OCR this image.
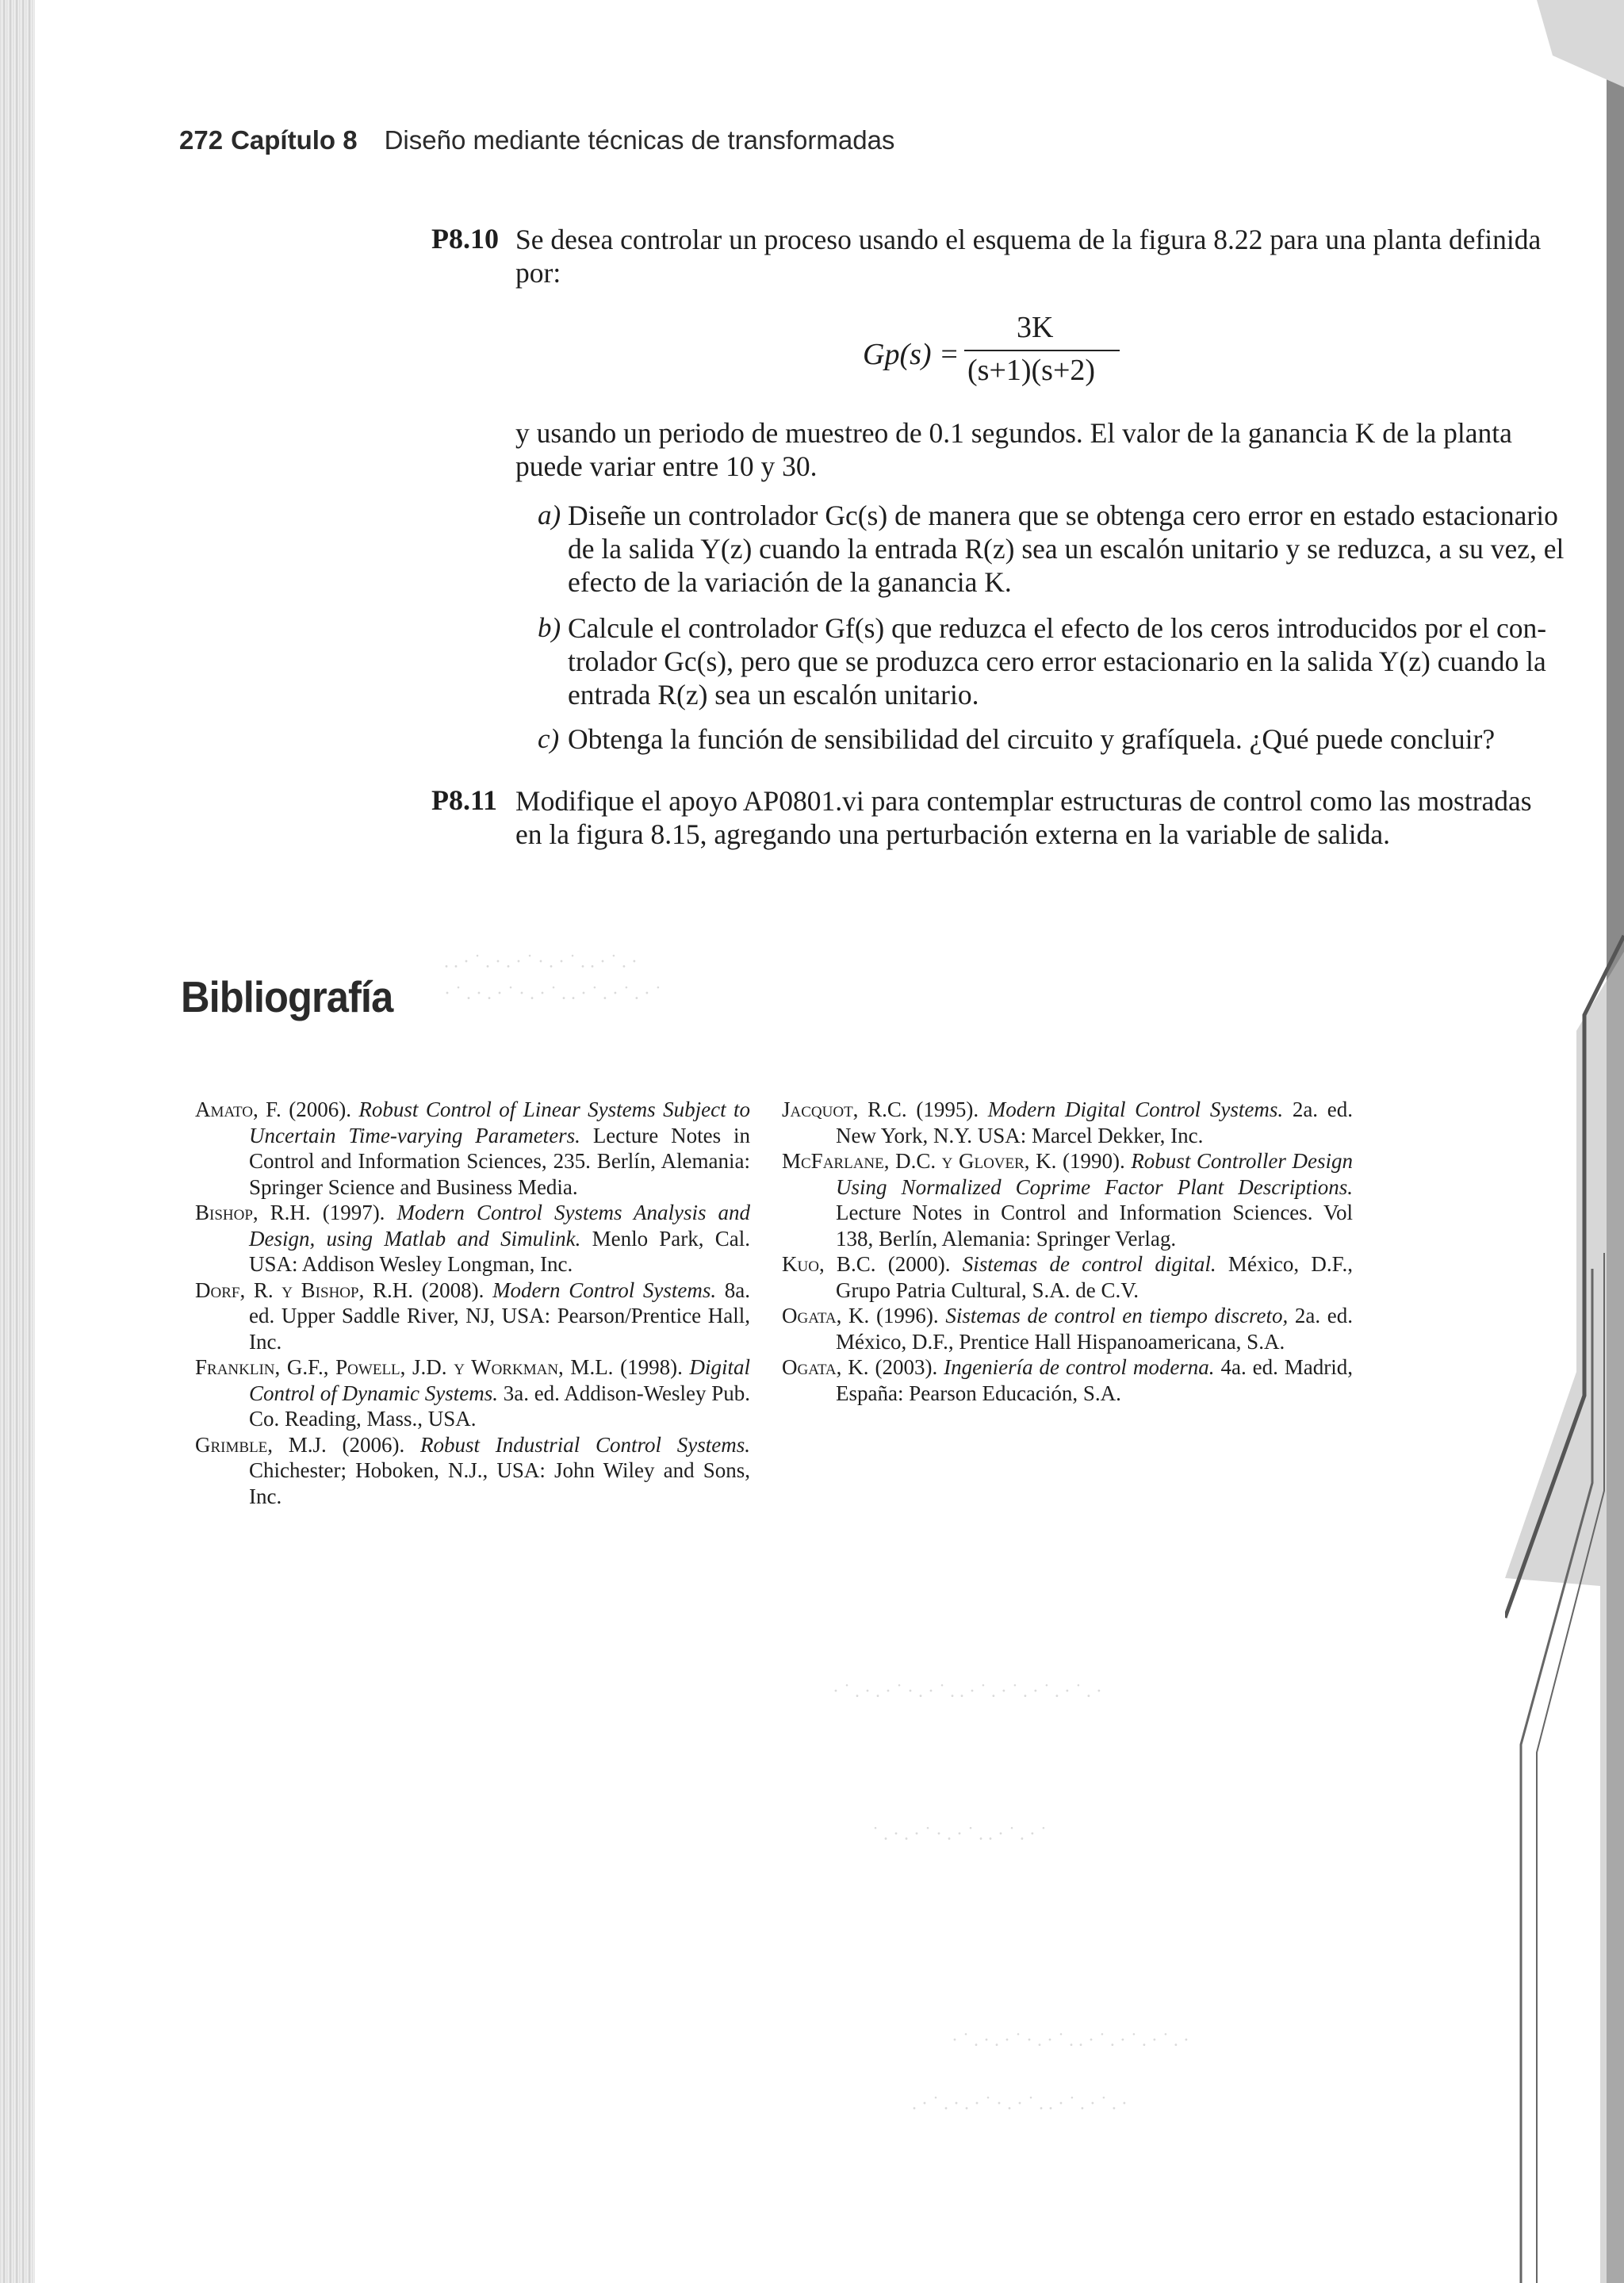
272 Capítulo 8 Diseño mediante técnicas de transformadas
P8.10 Se desea controlar un proceso usando el esquema de la figura 8.22 para una planta definida
por:
Gp(s) =
3K
(s+1)(s+2)
y usando un periodo de muestreo de 0.1 segundos. El valor de la ganancia K de la planta
puede variar entre 10 y 30.
a) Diseñe un controlador Gc(s) de manera que se obtenga cero error en estado estacionario
de la salida Y(z) cuando la entrada R(z) sea un escalón unitario y se reduzca, a su vez, el
efecto de la variación de la ganancia K.
b) Calcule el controlador Gf(s) que reduzca el efecto de los ceros introducidos por el con-
trolador Gc(s), pero que se produzca cero error estacionario en la salida Y(z) cuando la
entrada R(z) sea un escalón unitario.
c) Obtenga la función de sensibilidad del circuito y grafíquela. ¿Qué puede concluir?
P8.11 Modifique el apoyo AP0801.vi para contemplar estructuras de control como las mostradas
en la figura 8.15, agregando una perturbación externa en la variable de salida.
. . · ˙ . · . · ˙ · . · ˙ . . · ˙ . ·
· ˙ . · . · ˙ · . · ˙ . . · ˙ . · ˙ . · ˙
· ˙ . · . · ˙ · . · ˙ . . · ˙ . · ˙ . · ˙ . · ˙ . ·
˙ . · . · ˙ · . · ˙ . . · ˙ . · ˙
· ˙ . · . · ˙ · . · ˙ . . · ˙ . · ˙ . · ˙ . ·
. · ˙ . · . · ˙ · . · ˙ . . · ˙ . · ˙ . ·
Bibliografía
Amato, F. (2006). Robust Control of Linear Systems Subject to Uncertain Time-varying Parameters. Lecture Notes in Control and Information Sciences, 235. Berlín, Alemania: Springer Science and Business Media.
Bishop, R.H. (1997). Modern Control Systems Analysis and Design, using Matlab and Simulink. Menlo Park, Cal. USA: Addison Wesley Longman, Inc.
Dorf, R. y Bishop, R.H. (2008). Modern Control Systems. 8a. ed. Upper Saddle River, NJ, USA: Pearson/Prentice Hall, Inc.
Franklin, G.F., Powell, J.D. y Workman, M.L. (1998). Digital Control of Dynamic Systems. 3a. ed. Addison-Wesley Pub. Co. Reading, Mass., USA.
Grimble, M.J. (2006). Robust Industrial Control Systems. Chichester; Hoboken, N.J., USA: John Wiley and Sons, Inc.
Jacquot, R.C. (1995). Modern Digital Control Systems. 2a. ed. New York, N.Y. USA: Marcel Dekker, Inc.
McFarlane, D.C. y Glover, K. (1990). Robust Controller Design Using Normalized Coprime Factor Plant Descriptions. Lecture Notes in Control and Information Sciences. Vol 138, Berlín, Alemania: Springer Verlag.
Kuo, B.C. (2000). Sistemas de control digital. México, D.F., Grupo Patria Cultural, S.A. de C.V.
Ogata, K. (1996). Sistemas de control en tiempo discreto, 2a. ed. México, D.F., Prentice Hall Hispanoamericana, S.A.
Ogata, K. (2003). Ingeniería de control moderna. 4a. ed. Madrid, España: Pearson Educación, S.A.
